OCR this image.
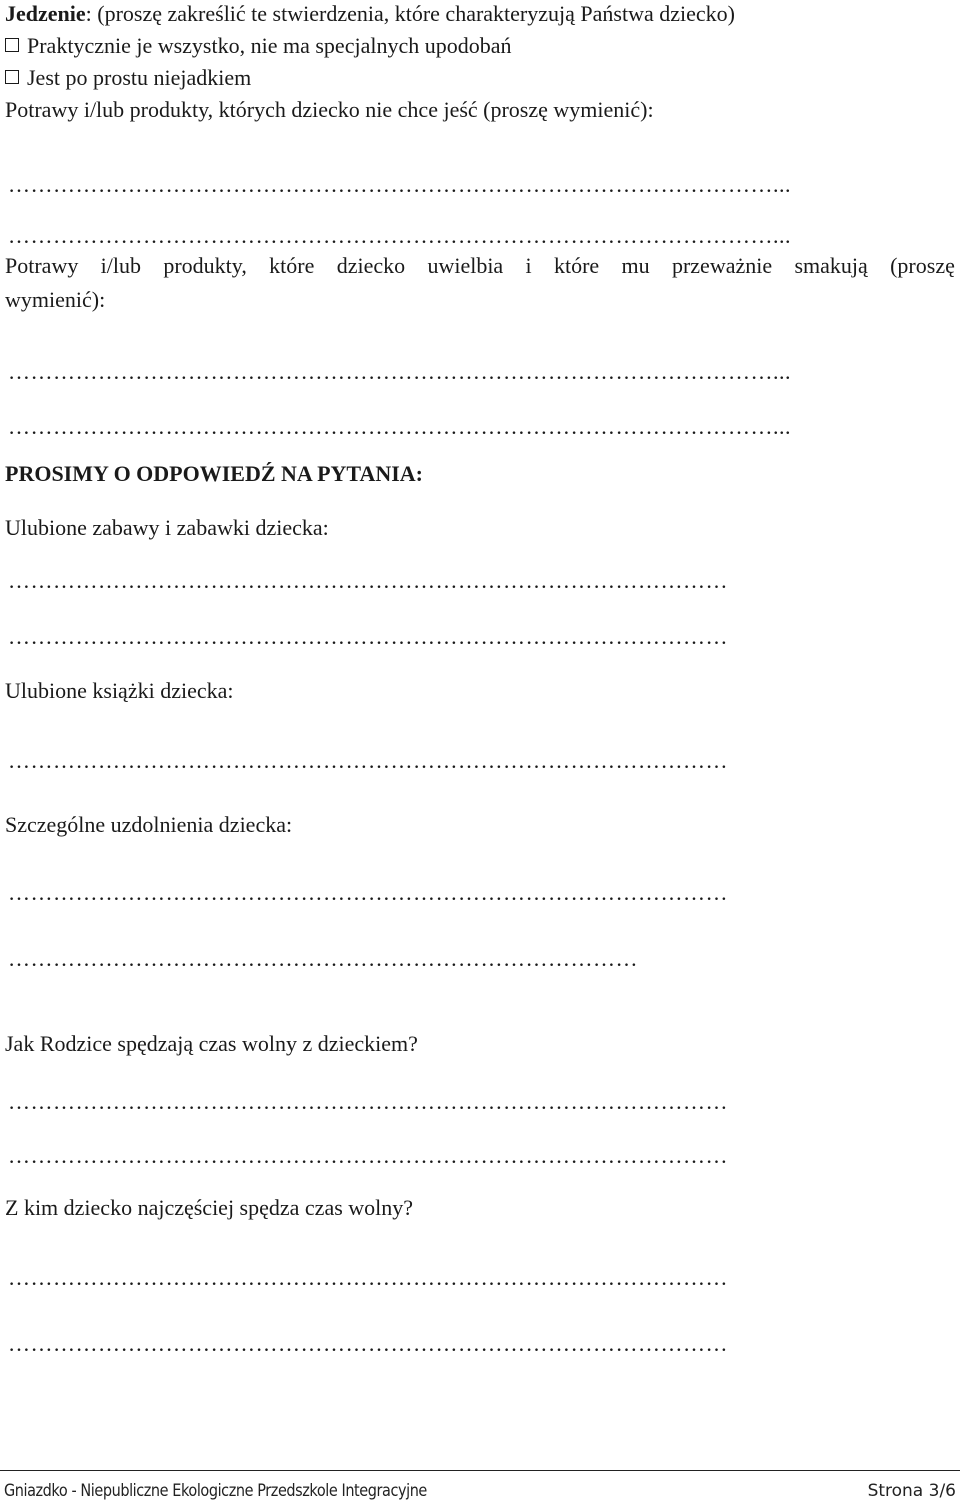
Jedzenie: (proszę zakreślić te stwierdzenia, które charakteryzują Państwa dziecko)
Praktycznie je wszystko, nie ma specjalnych upodobań
Jest po prostu niejadkiem
Potrawy i/lub produkty, których dziecko nie chce jeść (proszę wymienić):
…………………………………………………………………………………………...
…………………………………………………………………………………………...
Potrawy i/lub produkty, które dziecko uwielbia i które mu przeważnie smakują (proszę
wymienić):
…………………………………………………………………………………………...
…………………………………………………………………………………………...
PROSIMY O ODPOWIEDŹ NA PYTANIA:
Ulubione zabawy i zabawki dziecka:
……………………………………………………………………………………
……………………………………………………………………………………
Ulubione książki dziecka:
……………………………………………………………………………………
Szczególne uzdolnienia dziecka:
……………………………………………………………………………………
…………………………………………………………………………
Jak Rodzice spędzają czas wolny z dzieckiem?
……………………………………………………………………………………
……………………………………………………………………………………
Z kim dziecko najczęściej spędza czas wolny?
……………………………………………………………………………………
……………………………………………………………………………………
Gniazdko - Niepubliczne Ekologiczne Przedszkole Integracyjne	Strona 3/6
